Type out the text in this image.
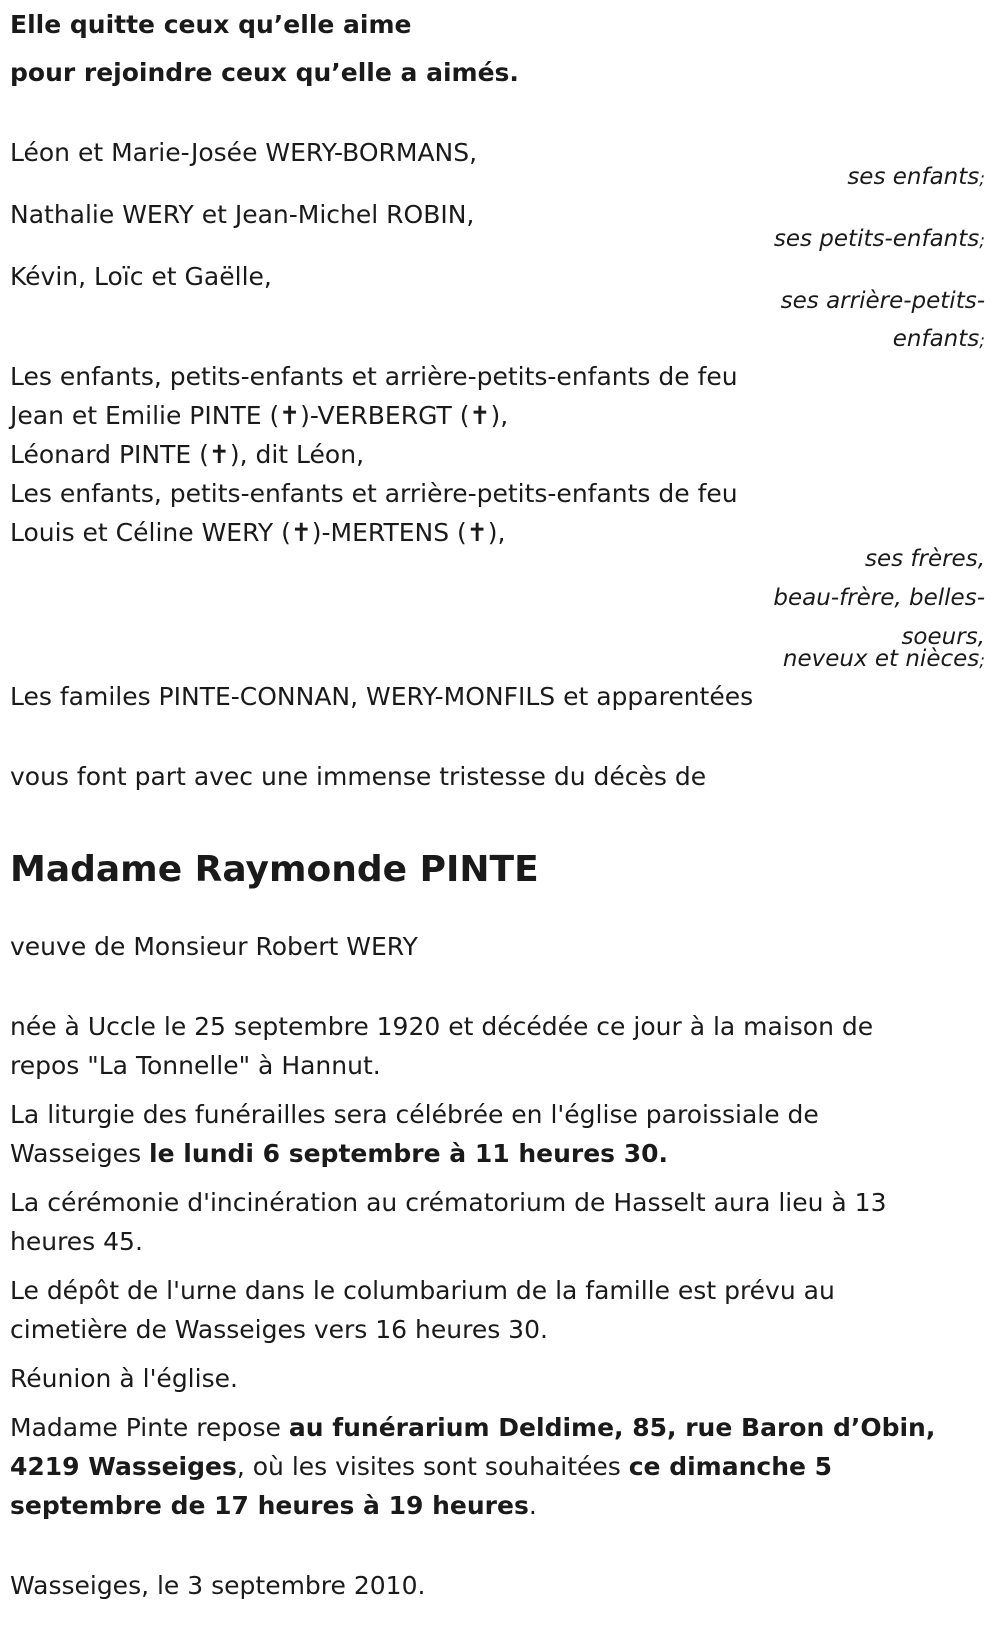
Elle quitte ceux qu’elle aime
pour rejoindre ceux qu’elle a aimés.
Léon et Marie-Josée WERY-BORMANS,
ses enfants;
Nathalie WERY et Jean-Michel ROBIN,
ses petits-enfants;
Kévin, Loïc et Gaëlle,
ses arrière-petits-
enfants;
Les enfants, petits-enfants et arrière-petits-enfants de feu
Jean et Emilie PINTE (✝)-VERBERGT (✝),
Léonard PINTE (✝), dit Léon,
Les enfants, petits-enfants et arrière-petits-enfants de feu
Louis et Céline WERY (✝)-MERTENS (✝),
ses frères,
beau-frère, belles-
soeurs,
neveux et nièces;
Les familes PINTE-CONNAN, WERY-MONFILS et apparentées
vous font part avec une immense tristesse du décès de
Madame Raymonde PINTE
veuve de Monsieur Robert WERY
née à Uccle le 25 septembre 1920 et décédée ce jour à la maison de
repos "La Tonnelle" à Hannut.
La liturgie des funérailles sera célébrée en l'église paroissiale de
Wasseiges le lundi 6 septembre à 11 heures 30.
La cérémonie d'incinération au crématorium de Hasselt aura lieu à 13
heures 45.
Le dépôt de l'urne dans le columbarium de la famille est prévu au
cimetière de Wasseiges vers 16 heures 30.
Réunion à l'église.
Madame Pinte repose au funérarium Deldime, 85, rue Baron d’Obin,
4219 Wasseiges, où les visites sont souhaitées ce dimanche 5
septembre de 17 heures à 19 heures.
Wasseiges, le 3 septembre 2010.
